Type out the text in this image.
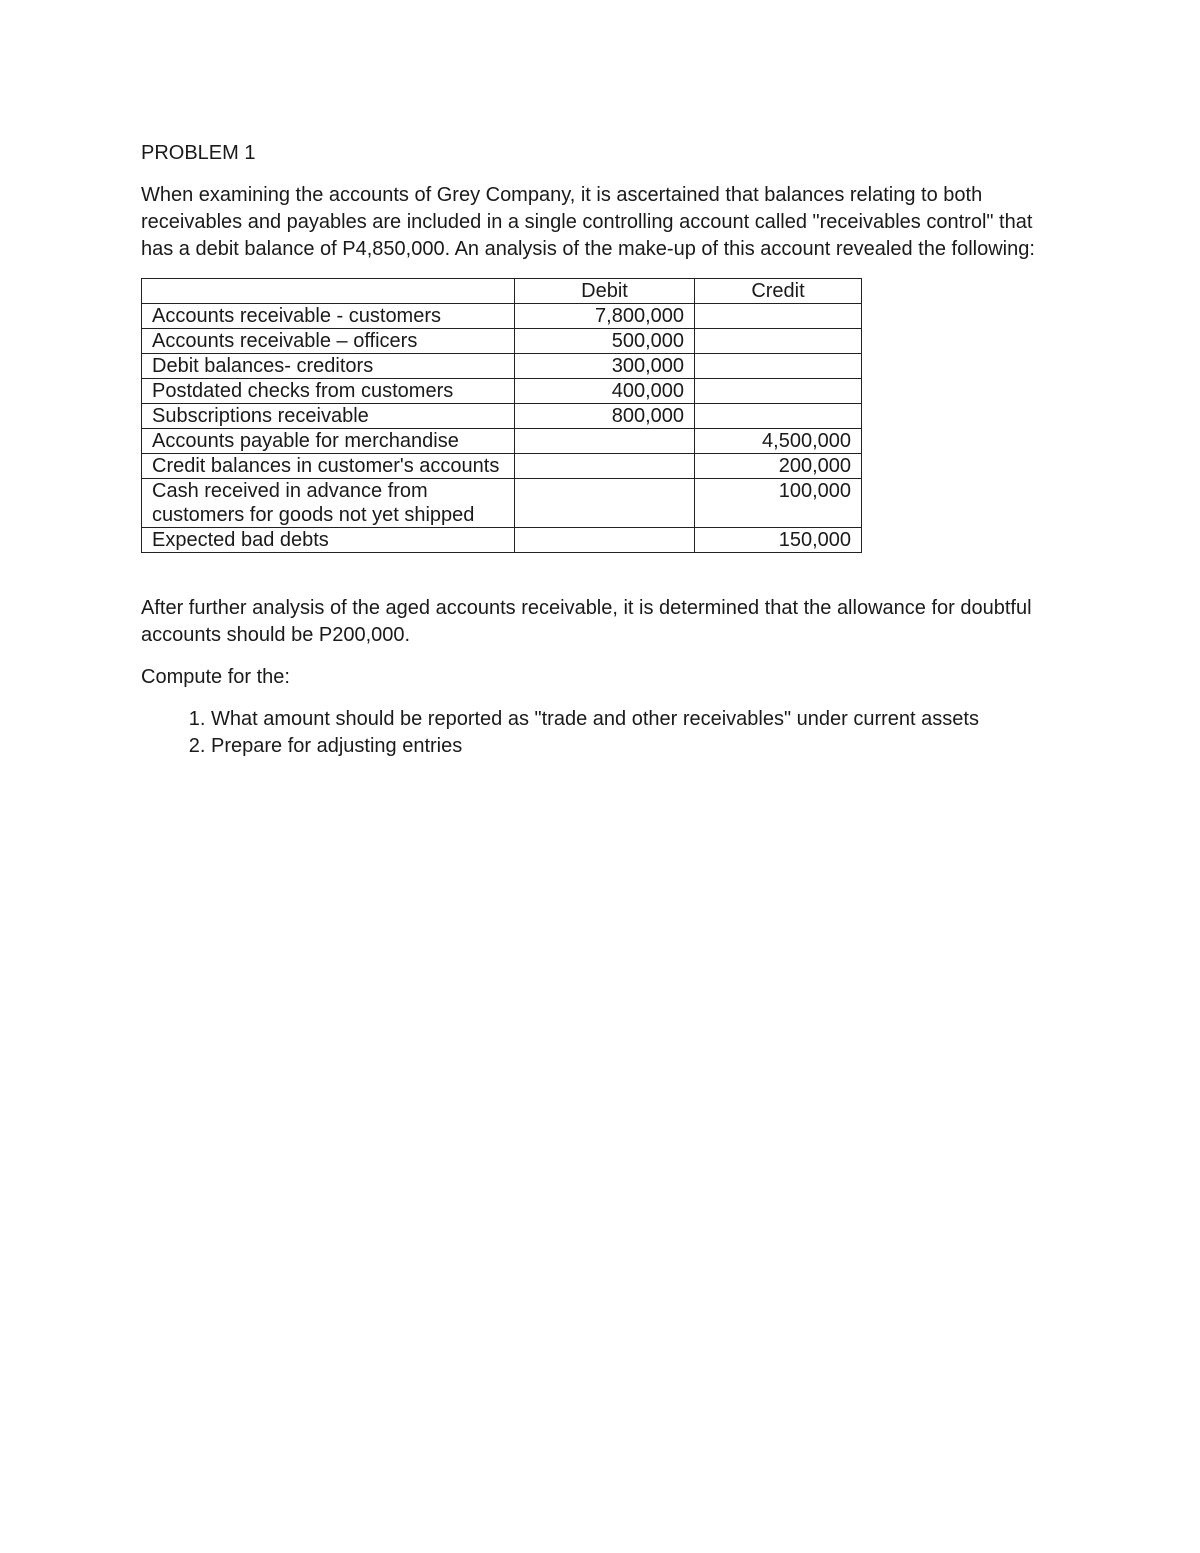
PROBLEM 1

When examining the accounts of Grey Company, it is ascertained that balances relating to both receivables and payables are included in a single controlling account called "receivables control" that has a debit balance of P4,850,000. An analysis of the make-up of this account revealed the following:

	Debit	Credit
Accounts receivable - customers	7,800,000	
Accounts receivable – officers	500,000	
Debit balances- creditors	300,000	
Postdated checks from customers	400,000	
Subscriptions receivable	800,000	
Accounts payable for merchandise		4,500,000
Credit balances in customer's accounts		200,000
Cash received in advance from customers for goods not yet shipped		100,000
Expected bad debts		150,000

After further analysis of the aged accounts receivable, it is determined that the allowance for doubtful accounts should be P200,000.

Compute for the:

1. What amount should be reported as "trade and other receivables" under current assets
2. Prepare for adjusting entries
